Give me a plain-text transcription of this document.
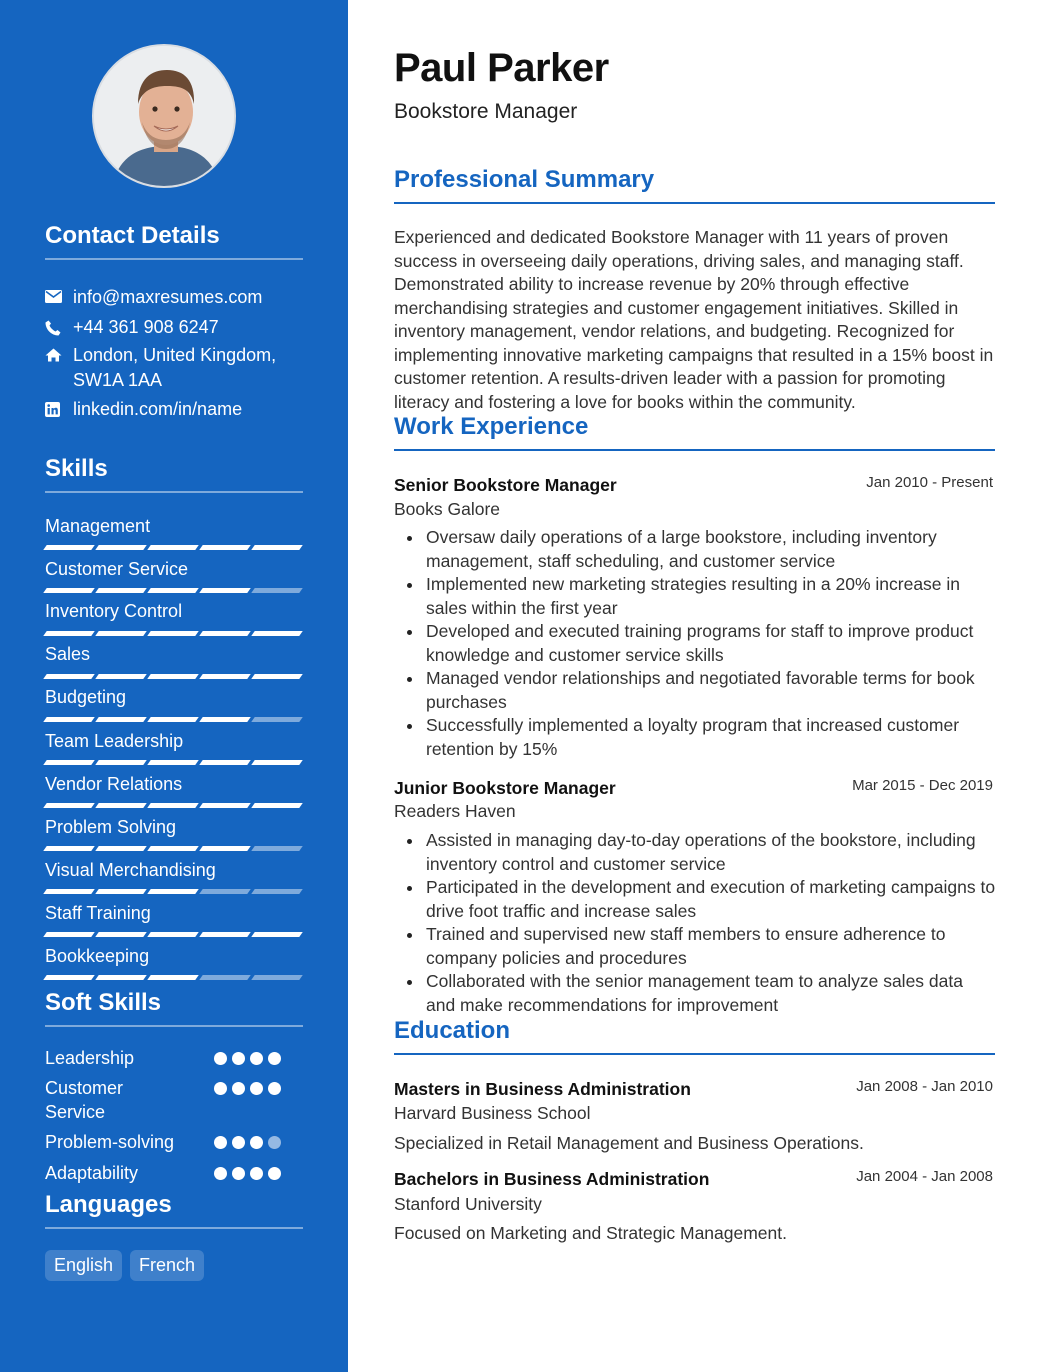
Contact Details
info@maxresumes.com
+44 361 908 6247
London, United Kingdom, SW1A 1AA
linkedin.com/in/name
Skills
Management
Customer Service
Inventory Control
Sales
Budgeting
Team Leadership
Vendor Relations
Problem Solving
Visual Merchandising
Staff Training
Bookkeeping
Soft Skills
Leadership
Customer Service
Problem-solving
Adaptability
Languages
English	French
Paul Parker
Bookstore Manager
Professional Summary
Experienced and dedicated Bookstore Manager with 11 years of proven success in overseeing daily operations, driving sales, and managing staff. Demonstrated ability to increase revenue by 20% through effective merchandising strategies and customer engagement initiatives. Skilled in inventory management, vendor relations, and budgeting. Recognized for implementing innovative marketing campaigns that resulted in a 15% boost in customer retention. A results-driven leader with a passion for promoting literacy and fostering a love for books within the community.
Work Experience
Senior Bookstore Manager	Jan 2010 - Present
Books Galore
Oversaw daily operations of a large bookstore, including inventory management, staff scheduling, and customer service
Implemented new marketing strategies resulting in a 20% increase in sales within the first year
Developed and executed training programs for staff to improve product knowledge and customer service skills
Managed vendor relationships and negotiated favorable terms for book purchases
Successfully implemented a loyalty program that increased customer retention by 15%
Junior Bookstore Manager	Mar 2015 - Dec 2019
Readers Haven
Assisted in managing day-to-day operations of the bookstore, including inventory control and customer service
Participated in the development and execution of marketing campaigns to drive foot traffic and increase sales
Trained and supervised new staff members to ensure adherence to company policies and procedures
Collaborated with the senior management team to analyze sales data and make recommendations for improvement
Education
Masters in Business Administration	Jan 2008 - Jan 2010
Harvard Business School
Specialized in Retail Management and Business Operations.
Bachelors in Business Administration	Jan 2004 - Jan 2008
Stanford University
Focused on Marketing and Strategic Management.
